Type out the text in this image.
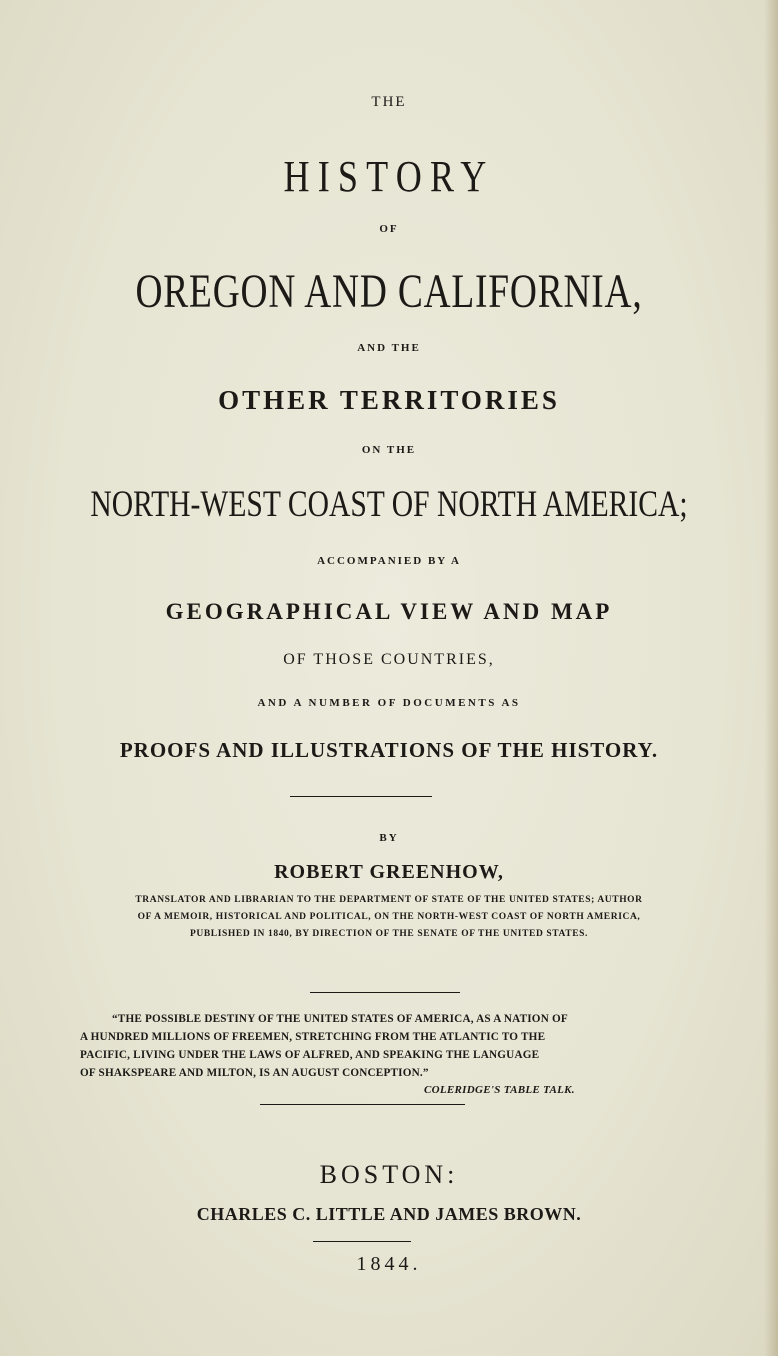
THE
HISTORY
OF
OREGON AND CALIFORNIA,
AND THE
OTHER TERRITORIES
ON THE
NORTH-WEST COAST OF NORTH AMERICA;
ACCOMPANIED BY A
GEOGRAPHICAL VIEW AND MAP
OF THOSE COUNTRIES,
AND A NUMBER OF DOCUMENTS AS
PROOFS AND ILLUSTRATIONS OF THE HISTORY.
BY
ROBERT GREENHOW,
TRANSLATOR AND LIBRARIAN TO THE DEPARTMENT OF STATE OF THE UNITED STATES; AUTHOR
OF A MEMOIR, HISTORICAL AND POLITICAL, ON THE NORTH-WEST COAST OF NORTH AMERICA,
PUBLISHED IN 1840, BY DIRECTION OF THE SENATE OF THE UNITED STATES.
“THE POSSIBLE DESTINY OF THE UNITED STATES OF AMERICA, AS A NATION OF
A HUNDRED MILLIONS OF FREEMEN, STRETCHING FROM THE ATLANTIC TO THE
PACIFIC, LIVING UNDER THE LAWS OF ALFRED, AND SPEAKING THE LANGUAGE
OF SHAKSPEARE AND MILTON, IS AN AUGUST CONCEPTION.”
COLERIDGE'S TABLE TALK.
BOSTON:
CHARLES C. LITTLE AND JAMES BROWN.
1844.
